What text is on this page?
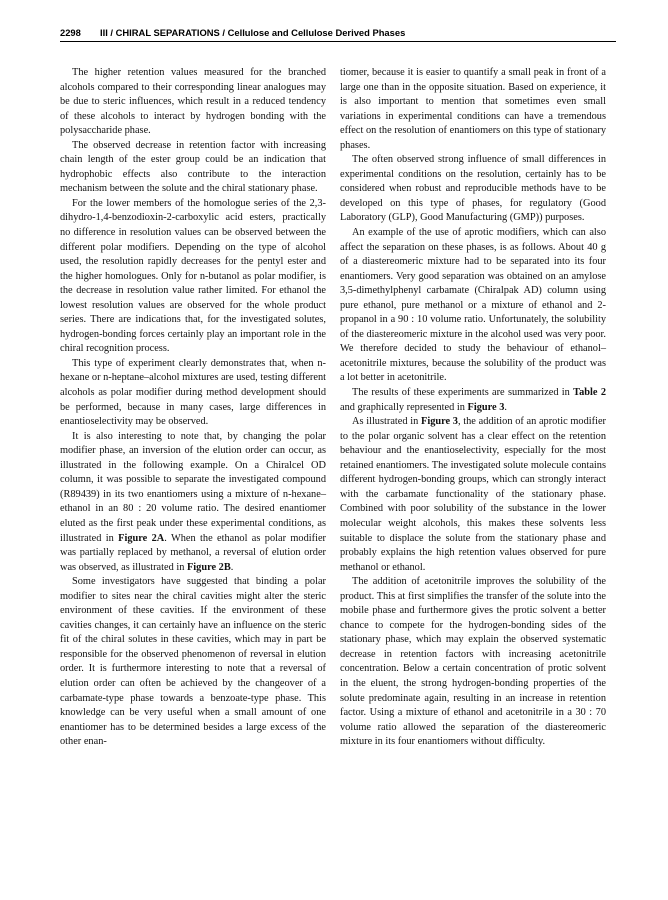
2298 III / CHIRAL SEPARATIONS / Cellulose and Cellulose Derived Phases

The higher retention values measured for the branched alcohols compared to their corresponding linear analogues may be due to steric influences, which result in a reduced tendency of these alcohols to interact by hydrogen bonding with the polysaccharide phase.

The observed decrease in retention factor with increasing chain length of the ester group could be an indication that hydrophobic effects also contribute to the interaction mechanism between the solute and the chiral stationary phase.

For the lower members of the homologue series of the 2,3-dihydro-1,4-benzodioxin-2-carboxylic acid esters, practically no difference in resolution values can be observed between the different polar modifiers. Depending on the type of alcohol used, the resolution rapidly decreases for the pentyl ester and the higher homologues. Only for n-butanol as polar modifier, is the decrease in resolution value rather limited. For ethanol the lowest resolution values are observed for the whole product series. There are indications that, for the investigated solutes, hydrogen-bonding forces certainly play an important role in the chiral recognition process.

This type of experiment clearly demonstrates that, when n-hexane or n-heptane–alcohol mixtures are used, testing different alcohols as polar modifier during method development should be performed, because in many cases, large differences in enantioselectivity may be observed.

It is also interesting to note that, by changing the polar modifier phase, an inversion of the elution order can occur, as illustrated in the following example. On a Chiralcel OD column, it was possible to separate the investigated compound (R89439) in its two enantiomers using a mixture of n-hexane–ethanol in an 80 : 20 volume ratio. The desired enantiomer eluted as the first peak under these experimental conditions, as illustrated in Figure 2A. When the ethanol as polar modifier was partially replaced by methanol, a reversal of elution order was observed, as illustrated in Figure 2B.

Some investigators have suggested that binding a polar modifier to sites near the chiral cavities might alter the steric environment of these cavities. If the environment of these cavities changes, it can certainly have an influence on the steric fit of the chiral solutes in these cavities, which may in part be responsible for the observed phenomenon of reversal in elution order. It is furthermore interesting to note that a reversal of elution order can often be achieved by the changeover of a carbamate-type phase towards a benzoate-type phase. This knowledge can be very useful when a small amount of one enantiomer has to be determined besides a large excess of the other enan-

tiomer, because it is easier to quantify a small peak in front of a large one than in the opposite situation. Based on experience, it is also important to mention that sometimes even small variations in experimental conditions can have a tremendous effect on the resolution of enantiomers on this type of stationary phases.

The often observed strong influence of small differences in experimental conditions on the resolution, certainly has to be considered when robust and reproducible methods have to be developed on this type of phases, for regulatory (Good Laboratory (GLP), Good Manufacturing (GMP)) purposes.

An example of the use of aprotic modifiers, which can also affect the separation on these phases, is as follows. About 40 g of a diastereomeric mixture had to be separated into its four enantiomers. Very good separation was obtained on an amylose 3,5-dimethylphenyl carbamate (Chiralpak AD) column using pure ethanol, pure methanol or a mixture of ethanol and 2-propanol in a 90 : 10 volume ratio. Unfortunately, the solubility of the diastereomeric mixture in the alcohol used was very poor. We therefore decided to study the behaviour of ethanol–acetonitrile mixtures, because the solubility of the product was a lot better in acetonitrile.

The results of these experiments are summarized in Table 2 and graphically represented in Figure 3.

As illustrated in Figure 3, the addition of an aprotic modifier to the polar organic solvent has a clear effect on the retention behaviour and the enantioselectivity, especially for the most retained enantiomers. The investigated solute molecule contains different hydrogen-bonding groups, which can strongly interact with the carbamate functionality of the stationary phase. Combined with poor solubility of the substance in the lower molecular weight alcohols, this makes these solvents less suitable to displace the solute from the stationary phase and probably explains the high retention values observed for pure methanol or ethanol.

The addition of acetonitrile improves the solubility of the product. This at first simplifies the transfer of the solute into the mobile phase and furthermore gives the protic solvent a better chance to compete for the hydrogen-bonding sides of the stationary phase, which may explain the observed systematic decrease in retention factors with increasing acetonitrile concentration. Below a certain concentration of protic solvent in the eluent, the strong hydrogen-bonding properties of the solute predominate again, resulting in an increase in retention factor. Using a mixture of ethanol and acetonitrile in a 30 : 70 volume ratio allowed the separation of the diastereomeric mixture in its four enantiomers without difficulty.
